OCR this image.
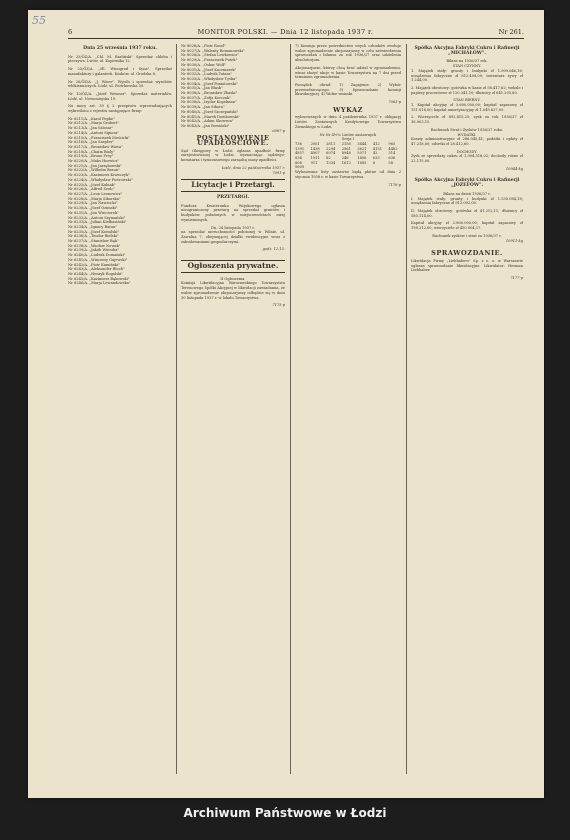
55
6	MONITOR POLSKI. — Dnia 12 listopada 1937 r.	Nr 261.
Dnia 25 września 1937 roku.

Nr 25/ÖZ/A. „Chl. M. Barliński" Sprzedaż chleba i pieczywa. Lwów, ul. Kopernika 12.

Nr 25/ÖZ/A. „Hl. Winogrod i Syna". Sprzedaż manufaktury i galanterii. Kraków, ul. Grodzka 8.

Nr 26/ÖZ/A. „J. Wiser". Wyrób i sprzedaż wyrobów włókienniczych. Łódź, ul. Piotrkowska 30.

Nr 10/ÖZ/A. „Józef Weisner". Sprzedaż materiałów. Łódź, ul. Nowomiejska 19.

Na mocy art. 39 § 2 przepisów wprowadzających wykreślono z rejestru następujące firmy:

Nr 6211/A. „Karol Pepke"
Nr 6212/A. „Marja Grabert"
Nr 6213/A. „Jan Szlosar"
Nr 6214/A. „Antoni Sipiora"
Nr 6215/A. „Franciszek Mościcki"
Nr 6216/A. „Jan Snejder"
Nr 6217/A. „Bronisław Wawa"
Nr 6218/A. „Chaim Bialy"
Nr 6219/A. „Bruno Frey"
Nr 6220/A. „Maks Hurwicz"
Nr 6221/A. „Jan Jarzębowski"
Nr 6222/A. „Wilhelm Braun"
Nr 6223/A. „Kazimierz Krawczyk"
Nr 6224/A. „Władysław Piotrowski"
Nr 6225/A. „Józef Kubiak"
Nr 6226/A. „Alfred Szulc"
Nr 6227/A. „Leon Leonowicz"
Nr 6228/A. „Marja Sikorska"
Nr 6229/A. „Jan Nawrocki"
Nr 6230/A. „Józef Ozimski"
Nr 6231/A. „Jan Wieczorek"
Nr 6232/A. „Antoni Szymański"
Nr 6233/A. „Julian Kiełbasiński"
Nr 6234/A. „Ignacy Baran"
Nr 6235/A. „Józef Kowalski"
Nr 6236/A. „Teodor Bielski"
Nr 6237/A. „Stanisław Bąk"
Nr 6238/A. „Wacław Nowak"
Nr 6239/A. „Jakób Wierzba"
Nr 6240/A. „Ludwik Domański"
Nr 6241/A. „Wincenty Gajewski"
Nr 6242/A. „Piotr Kamiński"
Nr 6243/A. „Aleksander Bloch"
Nr 6244/A. „Henryk Rogalski"
Nr 6245/A. „Kazimierz Bąkowski"
Nr 6246/A. „Marja Lewandowska"
Nr 8026/A. „Piotr Rosel"
Nr 8027/A. „Walenty Romanowski"
Nr 8028/A. „Stefan Lewkowicz"
Nr 8029/A. „Franciszek Putek"
Nr 8030/A. „Oskar Wolf"
Nr 8031/A. „Józef Kaczmarek"
Nr 8032/A. „Ludwik Tatara"
Nr 8033/A. „Władysław Tyska"
Nr 8034/A. „Józef Poniatowski"
Nr 8035/A. „Jan Blask"
Nr 8036/A. „Bronisław Zbaski"
Nr 8037/A. „Zofja Korczak"
Nr 8038/A. „Izydor Kopelman"
Nr 8039/A. „Jan Sikora"
Nr 8040/A. „Józef Szczepański"
Nr 8041/A. „Marek Dombowski"
Nr 8042/A. „Adam Skowron"
Nr 8043/A. „Jan Rowiński"
6067-p
POSTANOWIENIE UPADŁOŚCIOWE.

Sąd Okręgowy w Łodzi ogłasza upadłość firmy zarejestrowanej w Łodzi, wyznaczając sędziego-komisarza i tymczasowego zarządcę masy upadłości.

Łódź, dnia 22 października 1937 r.
7091-p
Licytacje i Przetargi.
PRZETARGI.

Fundusz Kwaterunku Wojskowego ogłasza nieograniczony przetarg na sprzedaż gruntów i budynków położonych w miejscowościach niżej wymienionych.

Dn. 24 listopada 1937 r.

na sprzedaż nieruchomości położonej w Wilnie, ul. Zawalna 7, obejmującej działki ewidencyjne wraz z zabudowaniami gospodarczymi.

godz. 12.15.
Ogłoszenia prywatne.
II Ogłoszenia.

Komisja Likwidacyjna Warszawskiego Towarzystwa Terenowego Spółki Akcyjnej w likwidacji zawiadamia, że walne zgromadzenie akcjonarjuszy odbędzie się w dniu 30 listopada 1937 r. w lokalu Towarzystwa.

7175-p

7) Komisja przez pośrednictwo swych członków zwołuje walne zgromadzenie akcjonarjuszy w celu zatwierdzenia sprawozdań i bilansu za rok 1936/37 oraz udzielenia absolutorjum.

Akcjonarjusze, którzy chcą brać udział w zgromadzeniu, winni złożyć akcje w kasie Towarzystwa na 7 dni przed terminem zgromadzenia.

Porządek obrad: 1) Zagajenie. 2) Wybór przewodniczącego. 3) Sprawozdanie komisji likwidacyjnej. 4) Wolne wnioski.

7063-p
WYKAZ

wylosowanych w dniu 4 października 1937 r. obligacyj Listów Zastawnych Kredytowego Towarzystwa Ziemskiego w Łodzi.

Nr Nr 4½% Listów zastawnych
Serja I
736	2001	2811	2158	3444	412	965
1391	1438	2294	2961	3621	4151	4482
4857	4907	6974	8948	5071	42	314
834	1911	82	246	1406	633	636
808	911	1334	1612	1685	6	58
5609

Wylosowane listy zastawne będą płatne od dnia 2 stycznia 1938 r. w kasie Towarzystwa.

7176-p
Spółka Akcyjna Fabryki Cukru i Rafinerji „MICHAŁÓW".
Bilans na 1936/37 rok.
STAN CZYNNY.

1. Majątek stały: grunty i budynki zł 1.009.646,16; urządzenia fabryczne zł 812.408,00; inwentarz żywy zł 1.244,00.

2. Majątek obrotowy: gotówka w kasie zł 58.417,62; weksle i papiery procentowe zł 120.341,10; dłużnicy zł 641.205,80.

STAN BIERNY.

1. Kapitał akcyjny zł 3.600.000,00; kapitał zapasowy zł 151.818,00; kapitał amortyzacyjny zł 1.049.627,00.

2. Wierzyciele zł 892.415,25; zysk za rok 1936/37 zł 16.003,15.

Rachunek Strat i Zysków 1936/37 roku.
WYDATKI.

Koszty administracyjne zł 286.040,41; podatki i opłaty zł 47.218,00; odsetki zł 28.412,60.

DOCHODY.

Zysk ze sprzedaży cukru zł 1.004.516,02; dochody różne zł 22.115,00.

10944-kg
Spółka Akcyjna Fabryki Cukru i Rafinerji „JÓZEFÓW".
Bilans na dzień 1936/37 r.

I. Majątek stały: grunty i budynki zł 1.535.084,18; urządzenia fabryczne zł 913.002,00.

II. Majątek obrotowy: gotówka zł 41.212,11; dłużnicy zł 580.114,00.

Kapitał akcyjny zł 2.800.000,00; kapitał zapasowy zł 198.212,00; wierzyciele zł 450.004,17.

Rachunek zysków i strat za 1936/37 r.
10911-kg
SPRAWOZDANIE.

Likwidacja Firmy „Liebhabers" Sp. z o. o. w Warszawie ogłasza sprawozdanie likwidacyjne. Likwidator: Herman Liebhaber.

7177-p
Archiwum Państwowe w Łodzi
